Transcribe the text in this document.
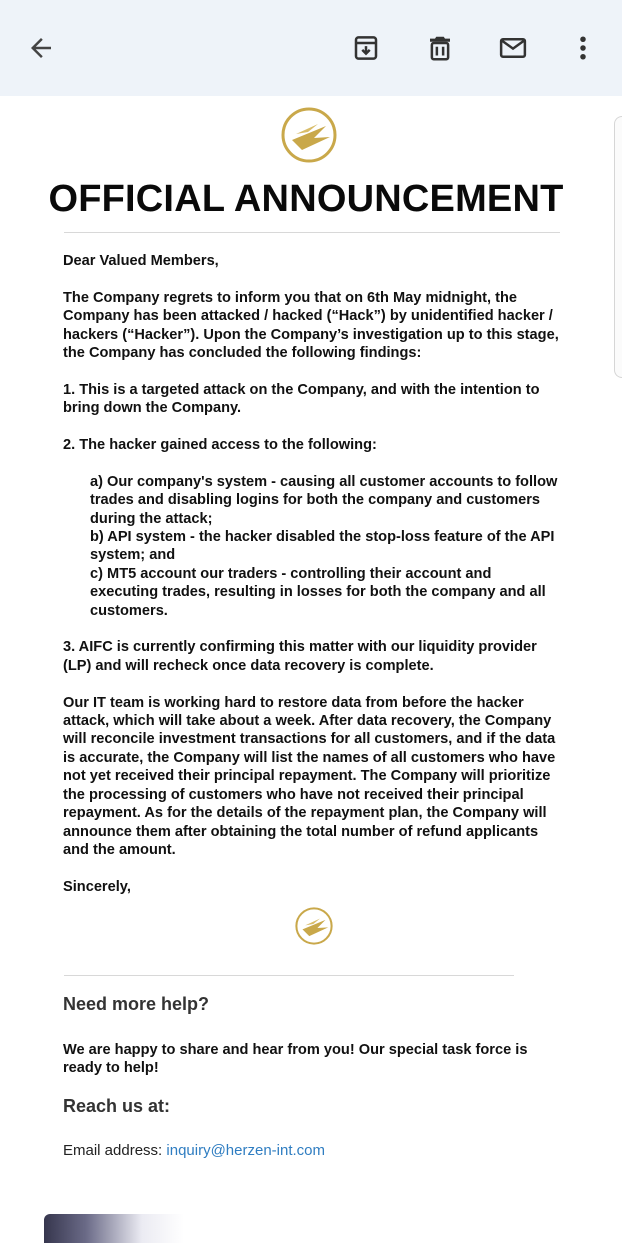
OFFICIAL ANNOUNCEMENT

Dear Valued Members,

The Company regrets to inform you that on 6th May midnight, the Company has been attacked / hacked (“Hack”) by unidentified hacker / hackers (“Hacker”). Upon the Company’s investigation up to this stage, the Company has concluded the following findings:

1. This is a targeted attack on the Company, and with the intention to bring down the Company.

2. The hacker gained access to the following:

a) Our company's system - causing all customer accounts to follow trades and disabling logins for both the company and customers during the attack;

b) API system - the hacker disabled the stop-loss feature of the API system; and

c) MT5 account our traders - controlling their account and executing trades, resulting in losses for both the company and all customers.

3. AIFC is currently confirming this matter with our liquidity provider (LP) and will recheck once data recovery is complete.

Our IT team is working hard to restore data from before the hacker attack, which will take about a week. After data recovery, the Company will reconcile investment transactions for all customers, and if the data is accurate, the Company will list the names of all customers who have not yet received their principal repayment. The Company will prioritize the processing of customers who have not received their principal repayment. As for the details of the repayment plan, the Company will announce them after obtaining the total number of refund applicants and the amount.

Sincerely,

Need more help?
We are happy to share and hear from you! Our special task force is ready to help!
Reach us at:
Email address: inquiry@herzen-int.com
